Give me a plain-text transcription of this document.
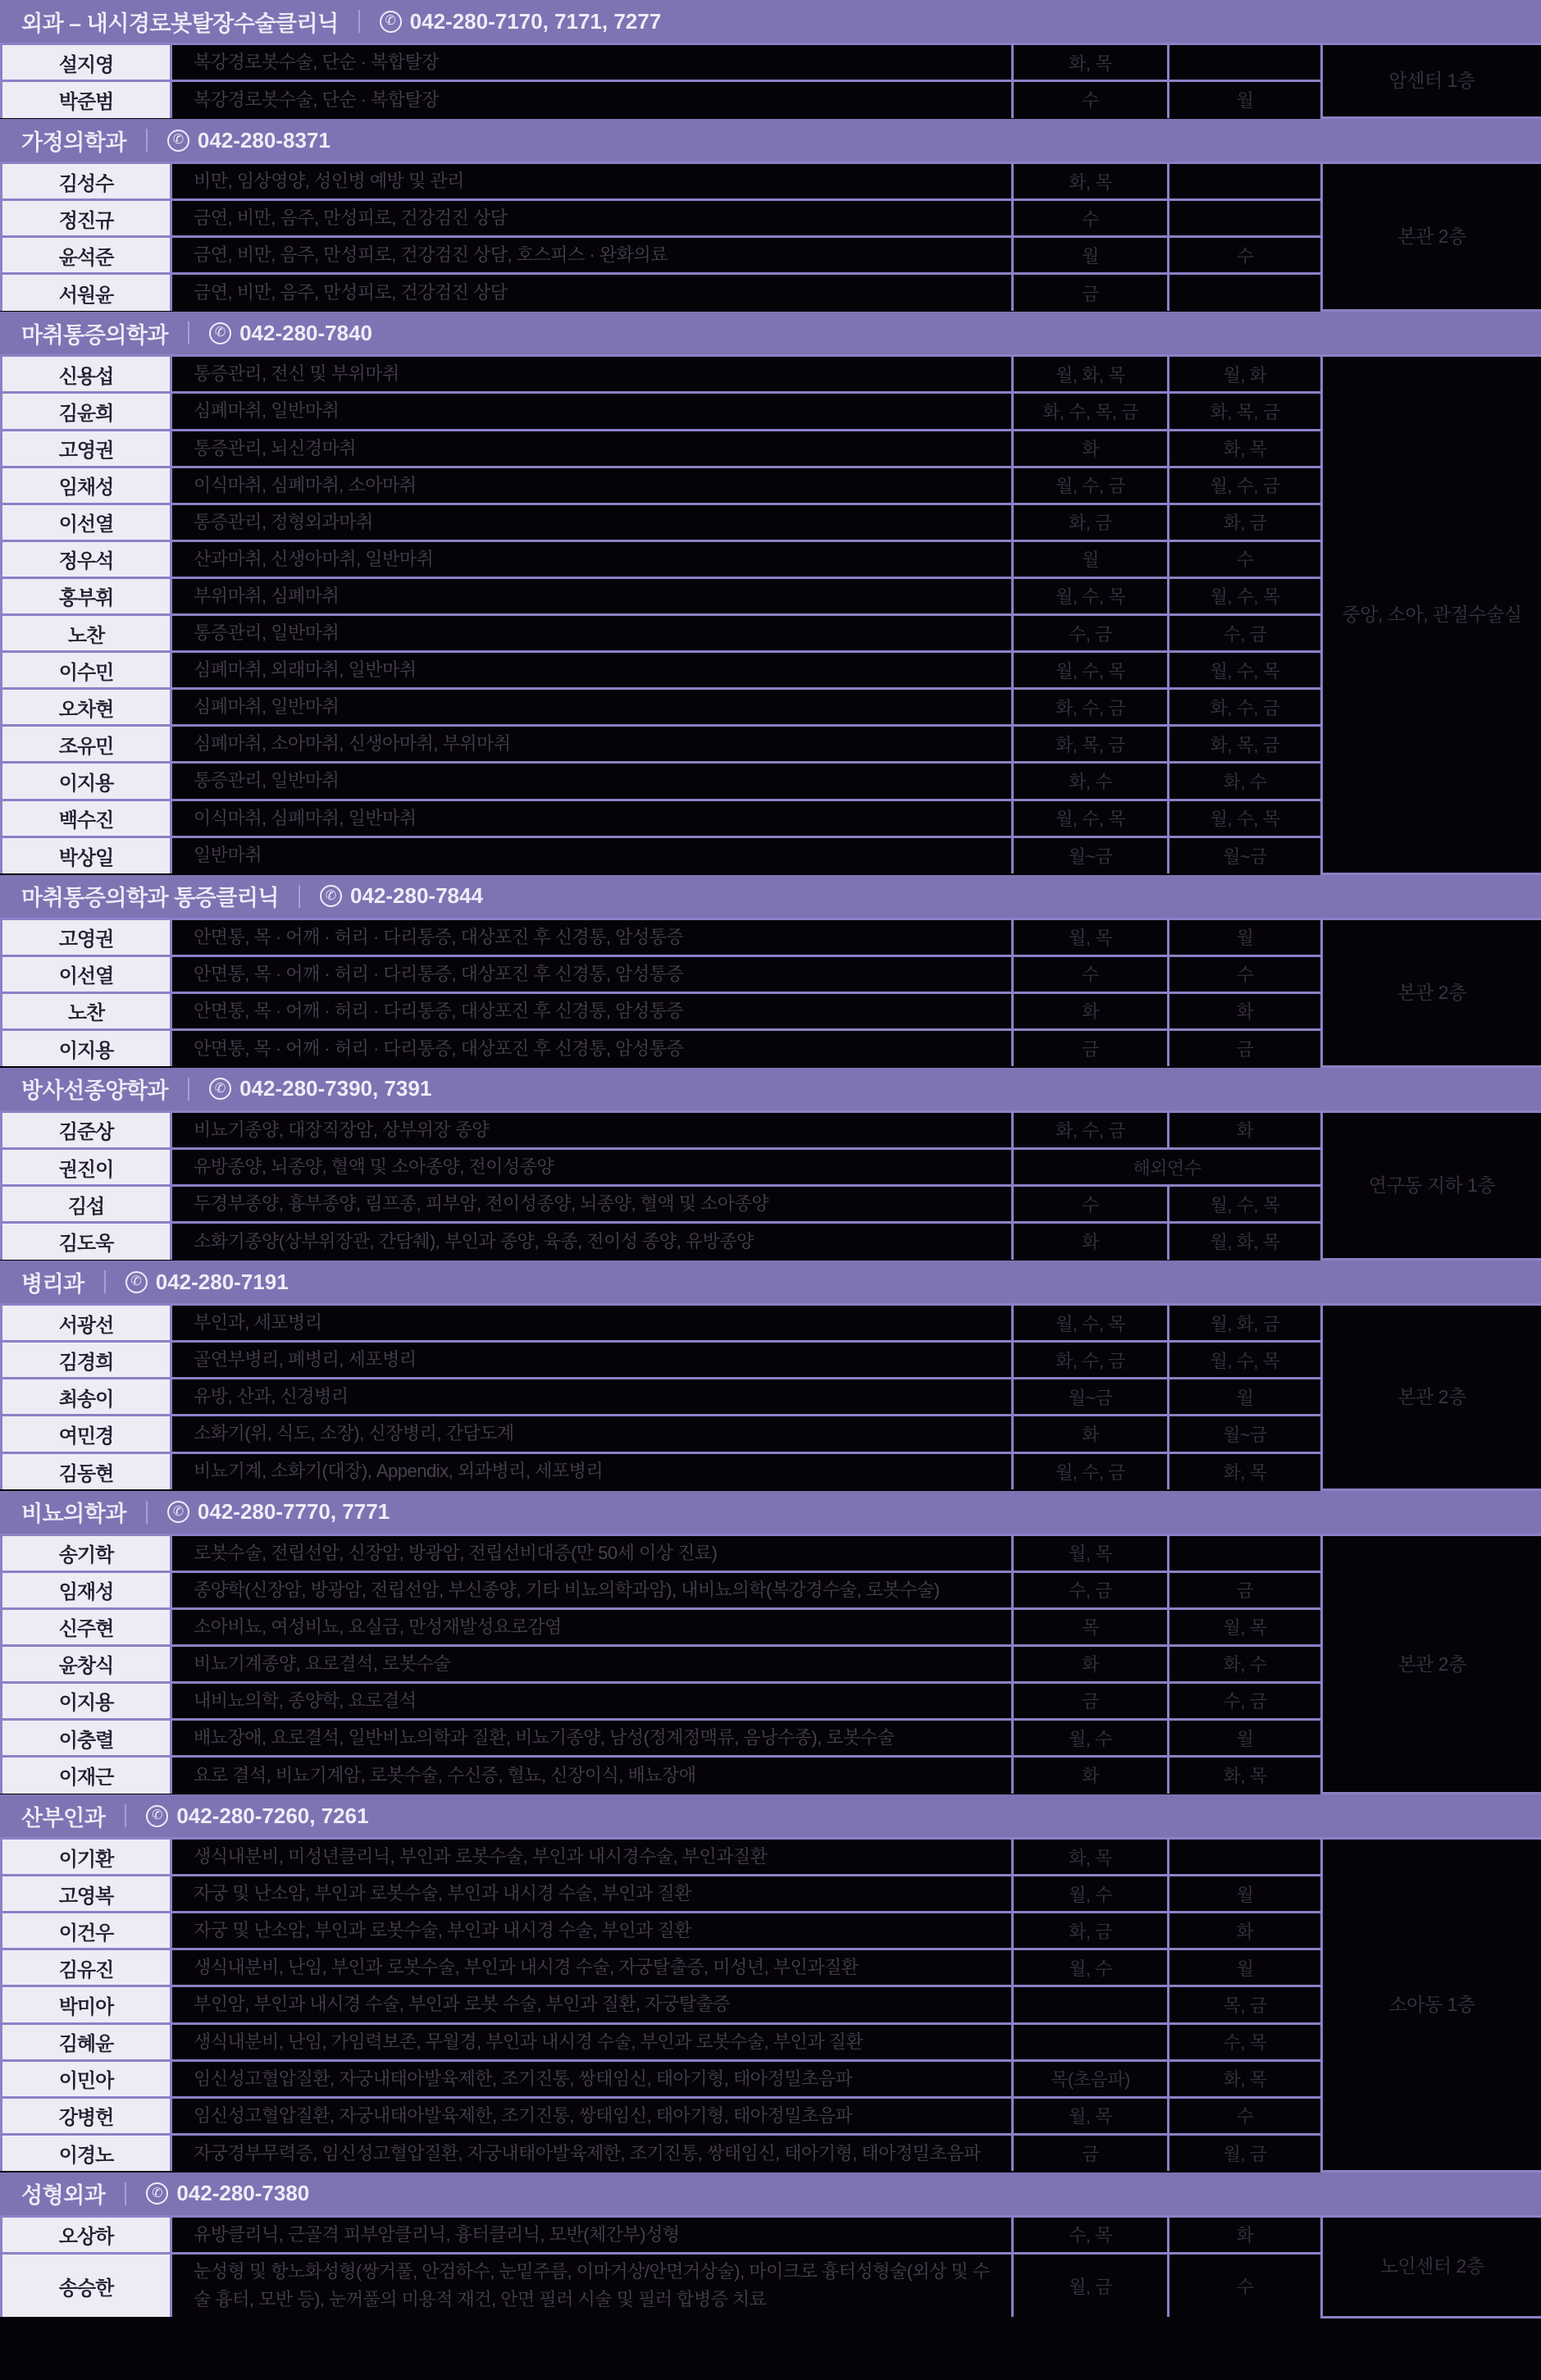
외과 – 내시경로봇탈장수술클리닉	✆ 042-280-7170, 7171, 7277
설지영	복강경로봇수술, 단순 · 복합탈장	화, 목		암센터 1층
박준범	복강경로봇수술, 단순 · 복합탈장	수	월	
가정의학과	✆ 042-280-8371
김성수	비만, 임상영양, 성인병 예방 및 관리	화, 목		본관 2층
정진규	금연, 비만, 음주, 만성피로, 건강검진 상담	수		
윤석준	금연, 비만, 음주, 만성피로, 건강검진 상담, 호스피스 · 완화의료	월	수	
서원윤	금연, 비만, 음주, 만성피로, 건강검진 상담	금		
마취통증의학과	✆ 042-280-7840
신용섭	통증관리, 전신 및 부위마취	월, 화, 목	월, 화	중앙, 소아, 관절수술실
김윤희	심폐마취, 일반마취	화, 수, 목, 금	화, 목, 금	
고영권	통증관리, 뇌신경마취	화	화, 목	
임채성	이식마취, 심폐마취, 소아마취	월, 수, 금	월, 수, 금	
이선열	통증관리, 정형외과마취	화, 금	화, 금	
정우석	산과마취, 신생아마취, 일반마취	월	수	
홍부휘	부위마취, 심폐마취	월, 수, 목	월, 수, 목	
노찬	통증관리, 일반마취	수, 금	수, 금	
이수민	심폐마취, 외래마취, 일반마취	월, 수, 목	월, 수, 목	
오차현	심폐마취, 일반마취	화, 수, 금	화, 수, 금	
조유민	심폐마취, 소아마취, 신생아마취, 부위마취	화, 목, 금	화, 목, 금	
이지용	통증관리, 일반마취	화, 수	화, 수	
백수진	이식마취, 심폐마취, 일반마취	월, 수, 목	월, 수, 목	
박상일	일반마취	월~금	월~금	
마취통증의학과 통증클리닉	✆ 042-280-7844
고영권	안면통, 목 · 어깨 · 허리 · 다리통증, 대상포진 후 신경통, 암성통증	월, 목	월	본관 2층
이선열	안면통, 목 · 어깨 · 허리 · 다리통증, 대상포진 후 신경통, 암성통증	수	수	
노찬	안면통, 목 · 어깨 · 허리 · 다리통증, 대상포진 후 신경통, 암성통증	화	화	
이지용	안면통, 목 · 어깨 · 허리 · 다리통증, 대상포진 후 신경통, 암성통증	금	금	
방사선종양학과	✆ 042-280-7390, 7391
김준상	비뇨기종양, 대장직장암, 상부위장 종양	화, 수, 금	화	연구동 지하 1층
권진이	유방종양, 뇌종양, 혈액 및 소아종양, 전이성종양	해외연수		
김섭	두경부종양, 흉부종양, 림프종, 피부암, 전이성종양, 뇌종양, 혈액 및 소아종양	수	월, 수, 목	
김도욱	소화기종양(상부위장관, 간담췌), 부인과 종양, 육종, 전이성 종양, 유방종양	화	월, 화, 목	
병리과	✆ 042-280-7191
서광선	부인과, 세포병리	월, 수, 목	월, 화, 금	본관 2층
김경희	골연부병리, 폐병리, 세포병리	화, 수, 금	월, 수, 목	
최송이	유방, 산과, 신경병리	월~금	월	
여민경	소화기(위, 식도, 소장), 신장병리, 간담도계	화	월~금	
김동현	비뇨기계, 소화기(대장), Appendix, 외과병리, 세포병리	월, 수, 금	화, 목	
비뇨의학과	✆ 042-280-7770, 7771
송기학	로봇수술, 전립선암, 신장암, 방광암, 전립선비대증(만 50세 이상 진료)	월, 목		본관 2층
임재성	종양학(신장암, 방광암, 전립선암, 부신종양, 기타 비뇨의학과암), 내비뇨의학(복강경수술, 로봇수술)	수, 금	금	
신주현	소아비뇨, 여성비뇨, 요실금, 만성재발성요로감염	목	월, 목	
윤창식	비뇨기계종양, 요로결석, 로봇수술	화	화, 수	
이지용	내비뇨의학, 종양학, 요로결석	금	수, 금	
이충렬	배뇨장애, 요로결석, 일반비뇨의학과 질환, 비뇨기종양, 남성(정계정맥류, 음낭수종), 로봇수술	월, 수	월	
이재근	요로 결석, 비뇨기계암, 로봇수술, 수신증, 혈뇨, 신장이식, 배뇨장애	화	화, 목	
산부인과	✆ 042-280-7260, 7261
이기환	생식내분비, 미성년클리닉, 부인과 로봇수술, 부인과 내시경수술, 부인과질환	화, 목		소아동 1층
고영복	자궁 및 난소암, 부인과 로봇수술, 부인과 내시경 수술, 부인과 질환	월, 수	월	
이건우	자궁 및 난소암, 부인과 로봇수술, 부인과 내시경 수술, 부인과 질환	화, 금	화	
김유진	생식내분비, 난임, 부인과 로봇수술, 부인과 내시경 수술, 자궁탈출증, 미성년, 부인과질환	월, 수	월	
박미아	부인암, 부인과 내시경 수술, 부인과 로봇 수술, 부인과 질환, 자궁탈출증		목, 금	
김혜윤	생식내분비, 난임, 가임력보존, 무월경, 부인과 내시경 수술, 부인과 로봇수술, 부인과 질환		수, 목	
이민아	임신성고혈압질환, 자궁내태아발육제한, 조기진통, 쌍태임신, 태아기형, 태아정밀초음파	목(초음파)	화, 목	
강병헌	임신성고혈압질환, 자궁내태아발육제한, 조기진통, 쌍태임신, 태아기형, 태아정밀초음파	월, 목	수	
이경노	자궁경부무력증, 임신성고혈압질환, 자궁내태아발육제한, 조기진통, 쌍태임신, 태아기형, 태아정밀초음파	금	월, 금	
성형외과	✆ 042-280-7380
오상하	유방클리닉, 근골격 피부암클리닉, 흉터클리닉, 모반(체간부)성형	수, 목	화	노인센터 2층
송승한	눈성형 및 항노화성형(쌍거풀, 안검하수, 눈밑주름, 이마거상/안면거상술), 마이크로 흉터성형술(외상 및 수술 흉터, 모반 등), 눈꺼풀의 미용적 재건, 안면 필러 시술 및 필러 합병증 치료	월, 금	수	
